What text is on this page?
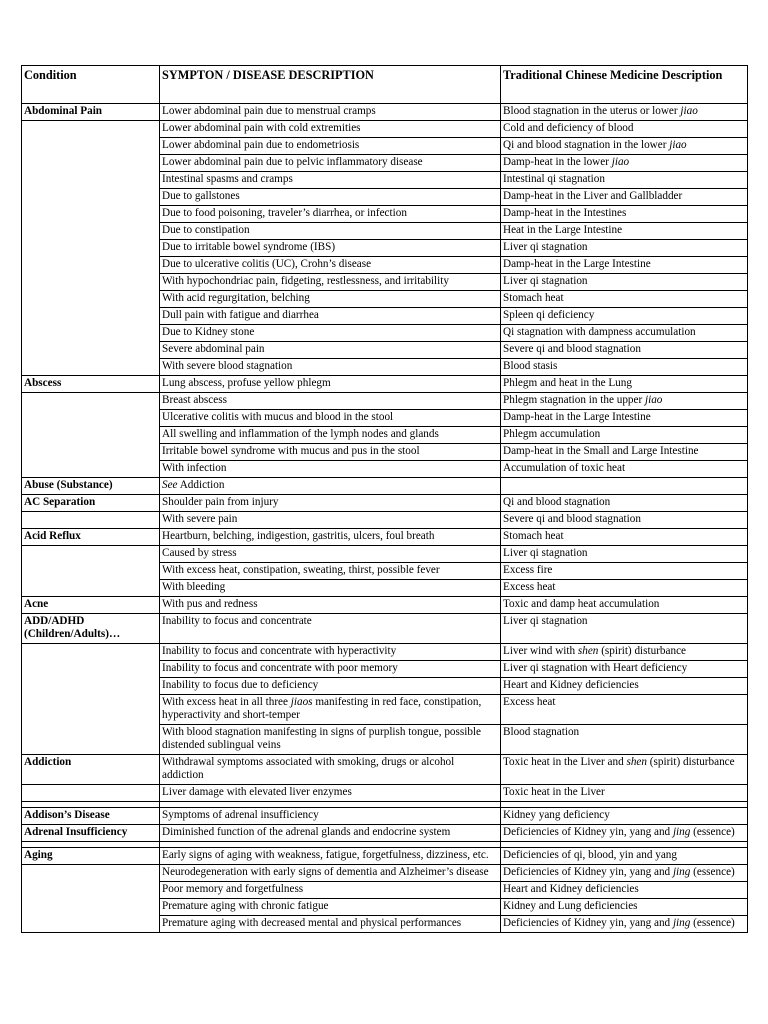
Condition	SYMPTON / DISEASE DESCRIPTION	Traditional Chinese Medicine Description
Abdominal Pain	Lower abdominal pain due to menstrual cramps	Blood stagnation in the uterus or lower jiao
	Lower abdominal pain with cold extremities	Cold and deficiency of blood
	Lower abdominal pain due to endometriosis	Qi and blood stagnation in the lower jiao
	Lower abdominal pain due to pelvic inflammatory disease	Damp-heat in the lower jiao
	Intestinal spasms and cramps	Intestinal qi stagnation
	Due to gallstones	Damp-heat in the Liver and Gallbladder
	Due to food poisoning, traveler’s diarrhea, or infection	Damp-heat in the Intestines
	Due to constipation	Heat in the Large Intestine
	Due to irritable bowel syndrome (IBS)	Liver qi stagnation
	Due to ulcerative colitis (UC), Crohn’s disease	Damp-heat in the Large Intestine
	With hypochondriac pain, fidgeting, restlessness, and irritability	Liver qi stagnation
	With acid regurgitation, belching	Stomach heat
	Dull pain with fatigue and diarrhea	Spleen qi deficiency
	Due to Kidney stone	Qi stagnation with dampness accumulation
	Severe abdominal pain	Severe qi and blood stagnation
	With severe blood stagnation	Blood stasis
Abscess	Lung abscess, profuse yellow phlegm	Phlegm and heat in the Lung
	Breast abscess	Phlegm stagnation in the upper jiao
	Ulcerative colitis with mucus and blood in the stool	Damp-heat in the Large Intestine
	All swelling and inflammation of the lymph nodes and glands	Phlegm accumulation
	Irritable bowel syndrome with mucus and pus in the stool	Damp-heat in the Small and Large Intestine
	With infection	Accumulation of toxic heat
Abuse (Substance)	See Addiction	
AC Separation	Shoulder pain from injury	Qi and blood stagnation
	With severe pain	Severe qi and blood stagnation
Acid Reflux	Heartburn, belching, indigestion, gastritis, ulcers, foul breath	Stomach heat
	Caused by stress	Liver qi stagnation
	With excess heat, constipation, sweating, thirst, possible fever	Excess fire
	With bleeding	Excess heat
Acne	With pus and redness	Toxic and damp heat accumulation
ADD/ADHD (Children/Adults)…	Inability to focus and concentrate	Liver qi stagnation
	Inability to focus and concentrate with hyperactivity	Liver wind with shen (spirit) disturbance
	Inability to focus and concentrate with poor memory	Liver qi stagnation with Heart deficiency
	Inability to focus due to deficiency	Heart and Kidney deficiencies
	With excess heat in all three jiaos manifesting in red face, constipation, hyperactivity and short-temper	Excess heat
	With blood stagnation manifesting in signs of purplish tongue, possible distended sublingual veins	Blood stagnation
Addiction	Withdrawal symptoms associated with smoking, drugs or alcohol addiction	Toxic heat in the Liver and shen (spirit) disturbance
	Liver damage with elevated liver enzymes	Toxic heat in the Liver

Addison’s Disease	Symptoms of adrenal insufficiency	Kidney yang deficiency
Adrenal Insufficiency	Diminished function of the adrenal glands and endocrine system	Deficiencies of Kidney yin, yang and jing (essence)

Aging	Early signs of aging with weakness, fatigue, forgetfulness, dizziness, etc.	Deficiencies of qi, blood, yin and yang
	Neurodegeneration with early signs of dementia and Alzheimer’s disease	Deficiencies of Kidney yin, yang and jing (essence)
	Poor memory and forgetfulness	Heart and Kidney deficiencies
	Premature aging with chronic fatigue	Kidney and Lung deficiencies
	Premature aging with decreased mental and physical performances	Deficiencies of Kidney yin, yang and jing (essence)
